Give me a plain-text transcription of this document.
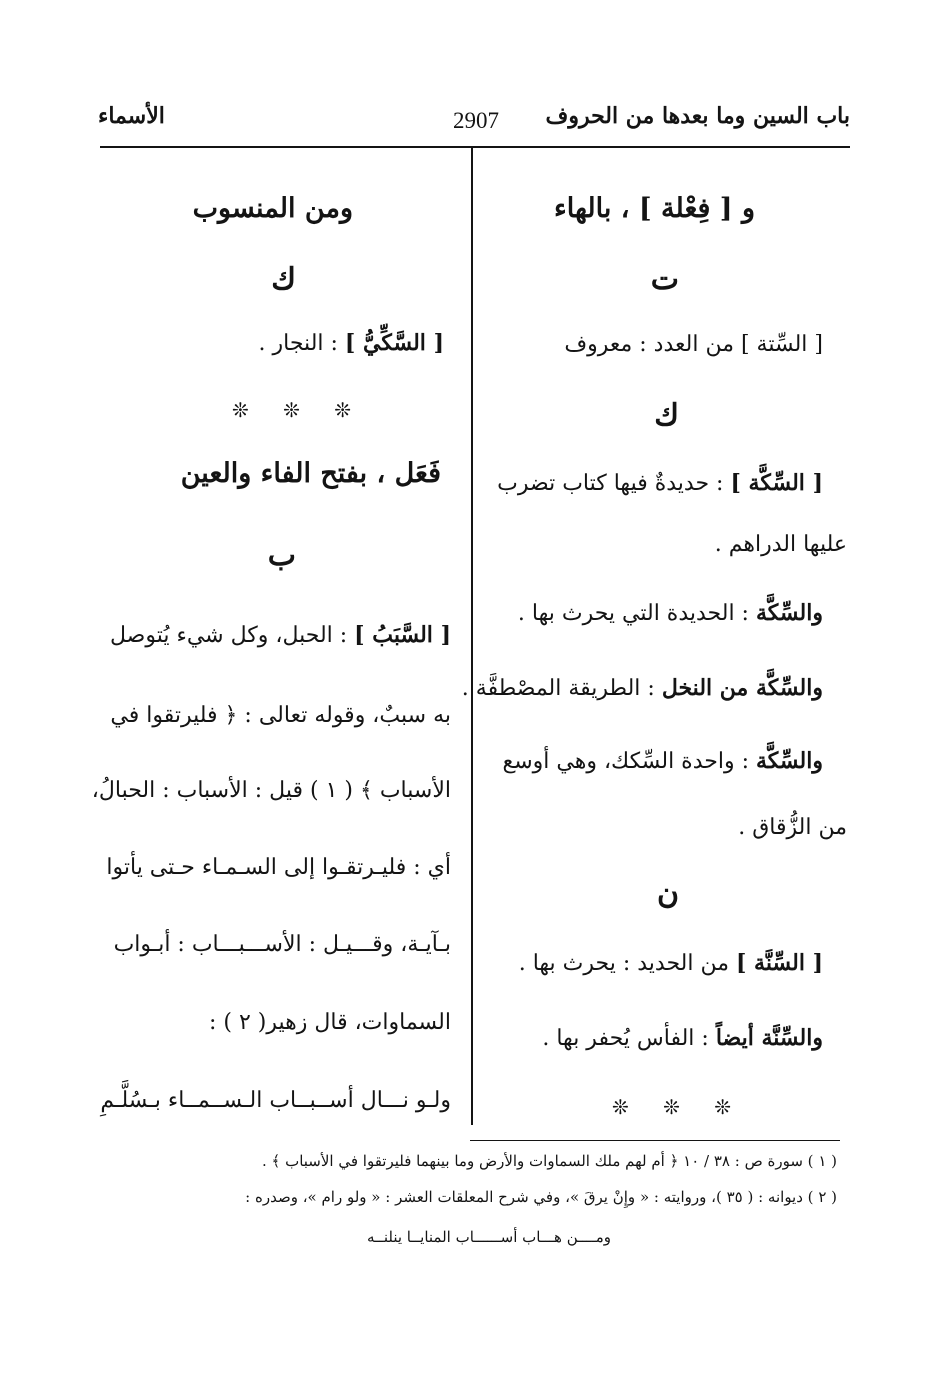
الأسماء	2907 باب السين وما بعدها من الحروف
و [ فِعْلة ] ، بالهاء
ت
[ السِّتة ] من العدد : معروف
ك
[ السِّكَّة ] : حديدةٌ فيها كتاب تضرب
عليها الدراهم .
والسِّكَّة : الحديدة التي يحرث بها .
والسِّكَّة من النخل : الطريقة المصْطفَّة .
والسِّكَّة : واحدة السِّكك، وهي أوسع
من الزُّقاق .
ن
[ السِّنَّة ] من الحديد : يحرث بها .
والسِّنَّة أيضاً : الفأس يُحفر بها .
❊ ❊ ❊
ومن المنسوب
ك
[ السَّكِّيُّ ] : النجار .
❊ ❊ ❊
فَعَل ، بفتح الفاء والعين
ب
[ السَّبَبُ ] : الحبل، وكل شيء يُتوصل
به سببٌ، وقوله تعالى : ﴿ فليرتقوا في
الأسباب ﴾ ( ١ ) قيل : الأسباب : الحبالُ،
أي : فليـرتقـوا إلى السـمـاء حـتى يأتوا
بـآيـة، وقـــيـل : الأســـبـــاب : أبـواب
السماوات، قال زهير( ٢ ) :
ولـو نـــال أســبــاب الـســمــاء بـسُلَّـمِ
( ١ ) سورة ص : ٣٨ / ١٠ ﴿ أم لهم ملك السماوات والأرض وما بينهما فليرتقوا في الأسباب ﴾ .
( ٢ ) ديوانه : ( ٣٥ )، وروايته : « وإِنْ يرقَ »، وفي شرح المعلقات العشر : « ولو رام »، وصدره :
ومــــن هـــاب أســــــاب المنايــا ينلنــه
